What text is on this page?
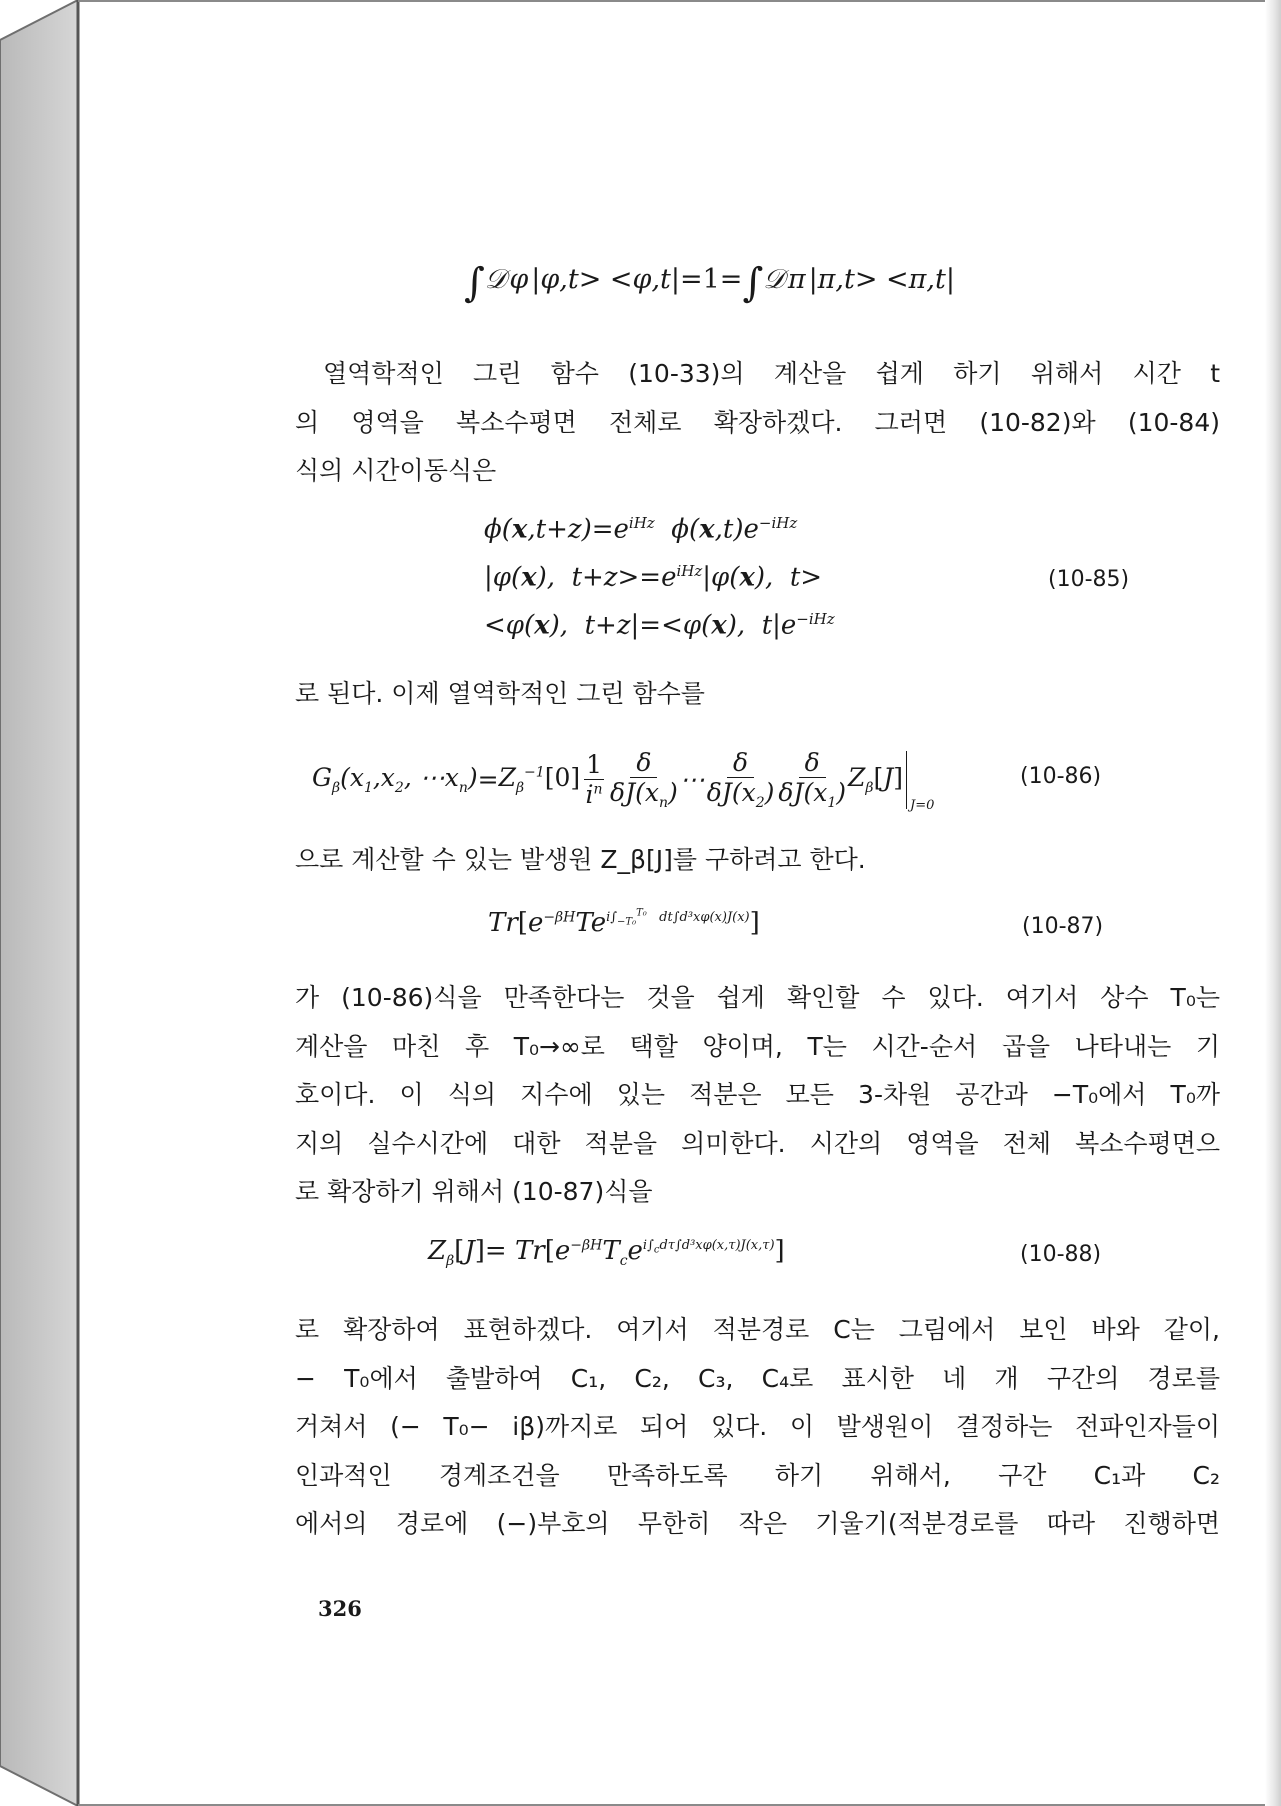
∫𝒟 φ |φ,t> <φ,t|=1=∫𝒟 π |π,t> <π,t|
열역학적인 그린 함수 (10-33)의 계산을 쉽게 하기 위해서 시간 t
의 영역을 복소수평면 전체로 확장하겠다. 그러면 (10-82)와 (10-84)
식의 시간이동식은
$\phi(x,t+z)=e^{iHz}$  $\phi(x,t)e^{-iHz}$
|φ(x),  $t+z>=e^{iHz}|\varphi(x)$,  t>
<φ(x),  t+z|=<φ(x),  $t|e^{-iHz}$
(10-85)
로 된다. 이제 열역학적인 그린 함수를
$G_\beta(x_1,x_2$, $\cdots x_n) = Z_\beta^{-1}[0]$ 1
$i^n$
δ
$\delta J(x_n)$ ⋯
δ
$\delta J(x_2)$
δ
$\delta J(x_1)$
$Z_\beta[J]$
J=0
(10-86)
으로 계산할 수 있는 발생원 Z_β[J]를 구하려고 한다.
$Tr[e^{-\beta H}Te^{i\int_{-T_0}^{T_0} dt\int d^3x\varphi(x)J(x)}]$	(10-87)
가 (10-86)식을 만족한다는 것을 쉽게 확인할 수 있다. 여기서 상수 T₀는
계산을 마친 후 T₀→∞로 택할 양이며, T는 시간-순서 곱을 나타내는 기
호이다. 이 식의 지수에 있는 적분은 모든 3-차원 공간과 −T₀에서 T₀까
지의 실수시간에 대한 적분을 의미한다. 시간의 영역을 전체 복소수평면으
로 확장하기 위해서 (10-87)식을
$Z_\beta[J]= Tr[e^{-\beta H}T_ce^{i\int_cd\tau\int d^3x\varphi(x,\tau)J(x,\tau)}]$	(10-88)
로 확장하여 표현하겠다. 여기서 적분경로 C는 그림에서 보인 바와 같이,
− T₀에서 출발하여 C₁, C₂, C₃, C₄로 표시한 네 개 구간의 경로를
거쳐서 (− T₀− iβ)까지로 되어 있다. 이 발생원이 결정하는 전파인자들이
인과적인 경계조건을 만족하도록 하기 위해서, 구간 C₁과 C₂
에서의 경로에 (−)부호의 무한히 작은 기울기(적분경로를 따라 진행하면
326
